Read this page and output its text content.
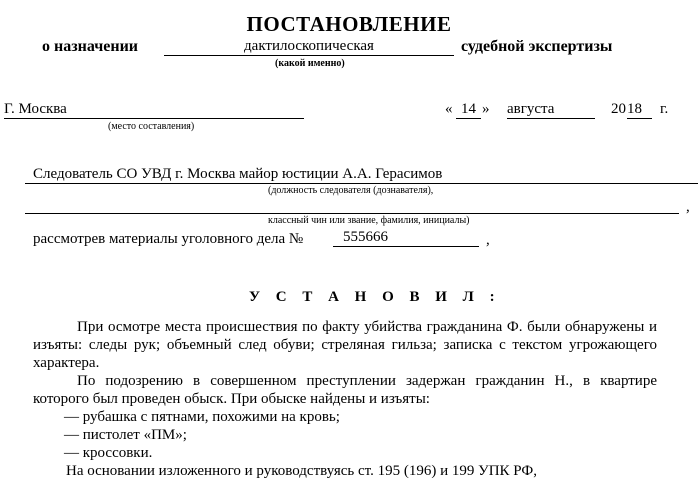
ПОСТАНОВЛЕНИЕ
о назначении	дактилоскопическая	судебной экспертизы
(какой именно)
Г. Москва
(место составления)
« 14 » августа	20 18	г.
Следователь СО УВД г. Москва майор юстиции А.А. Герасимов
(должность следователя (дознавателя),
,
классный чин или звание, фамилия, инициалы)
рассмотрев материалы уголовного дела №	555666	,
У С Т А Н О В И Л :
При осмотре места происшествия по факту убийства гражданина Ф. были обнаружены и изъяты: следы рук; объемный след обуви; стреляная гильза; записка с текстом угрожающего характера.
По подозрению в совершенном преступлении задержан гражданин Н., в квартире которого был проведен обыск. При обыске найдены и изъяты:
— рубашка с пятнами, похожими на кровь;
— пистолет «ПМ»;
— кроссовки.
На основании изложенного и руководствуясь ст. 195 (196) и 199 УПК РФ,
